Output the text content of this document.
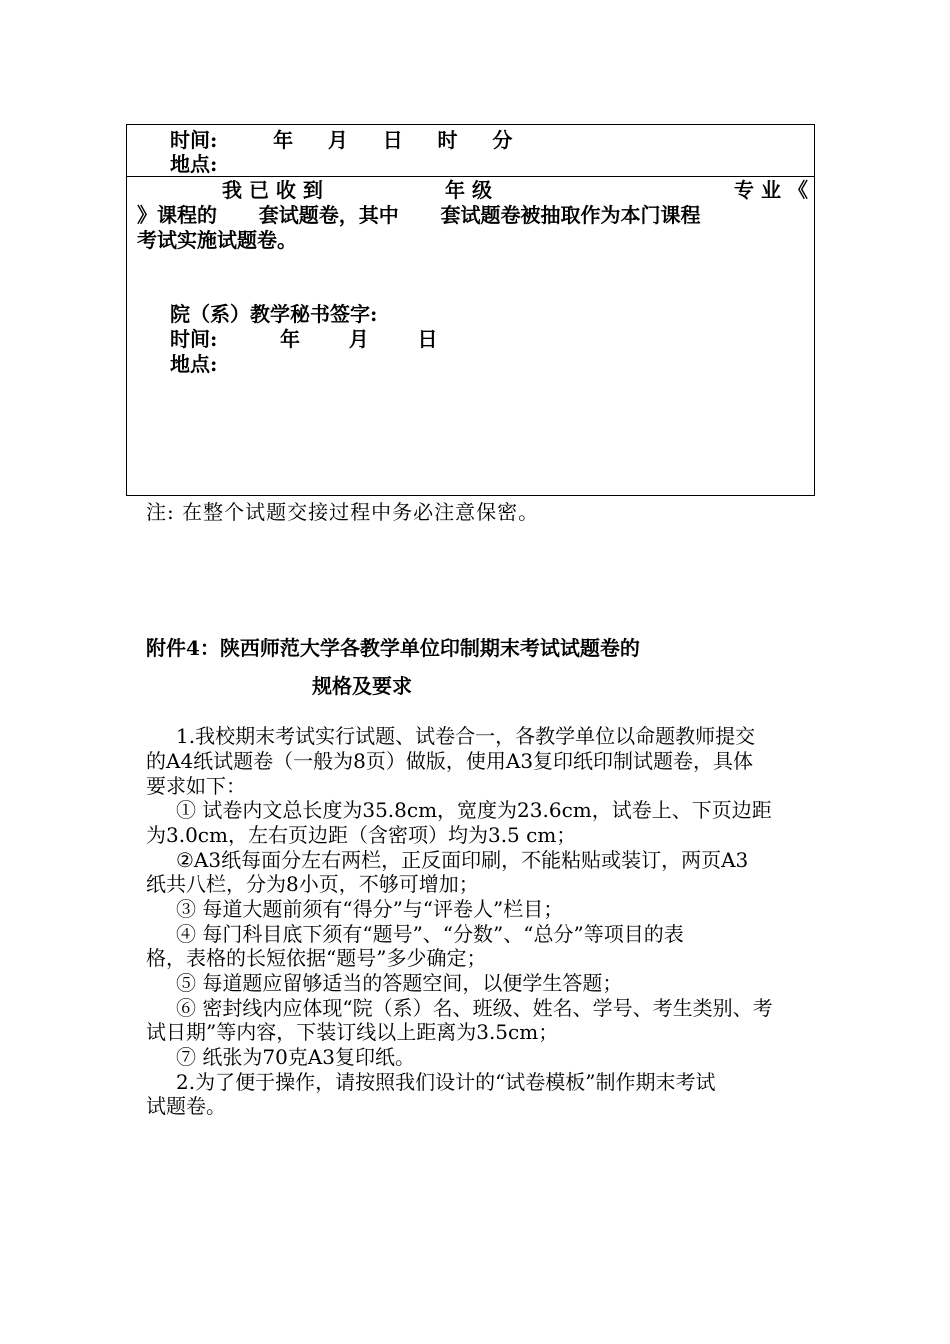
时间:        年     月     日     时     分
地点:
我 已 收 到	年 级	专 业 《
》课程的      套试题卷，其中      套试题卷被抽取作为本门课程
考试实施试题卷。
院（系）教学秘书签字:
时间:         年       月       日
地点:
注: 在整个试题交接过程中务必注意保密。
附件4：陕西师范大学各教学单位印制期末考试试题卷的
规格及要求
1.我校期末考试实行试题、试卷合一，各教学单位以命题教师提交
的A4纸试题卷（一般为8页）做版，使用A3复印纸印制试题卷，具体
要求如下：
① 试卷内文总长度为35.8cm，宽度为23.6cm，试卷上、下页边距
为3.0cm，左右页边距（含密项）均为3.5 cm；
②A3纸每面分左右两栏，正反面印刷，不能粘贴或装订，两页A3
纸共八栏，分为8小页，不够可增加；
③ 每道大题前须有“得分”与“评卷人”栏目；
④ 每门科目底下须有“题号”、“分数”、“总分”等项目的表
格，表格的长短依据“题号”多少确定；
⑤ 每道题应留够适当的答题空间，以便学生答题；
⑥ 密封线内应体现“院（系）名、班级、姓名、学号、考生类别、考
试日期”等内容，下装订线以上距离为3.5cm；
⑦ 纸张为70克A3复印纸。
2.为了便于操作，请按照我们设计的“试卷模板”制作期末考试
试题卷。
